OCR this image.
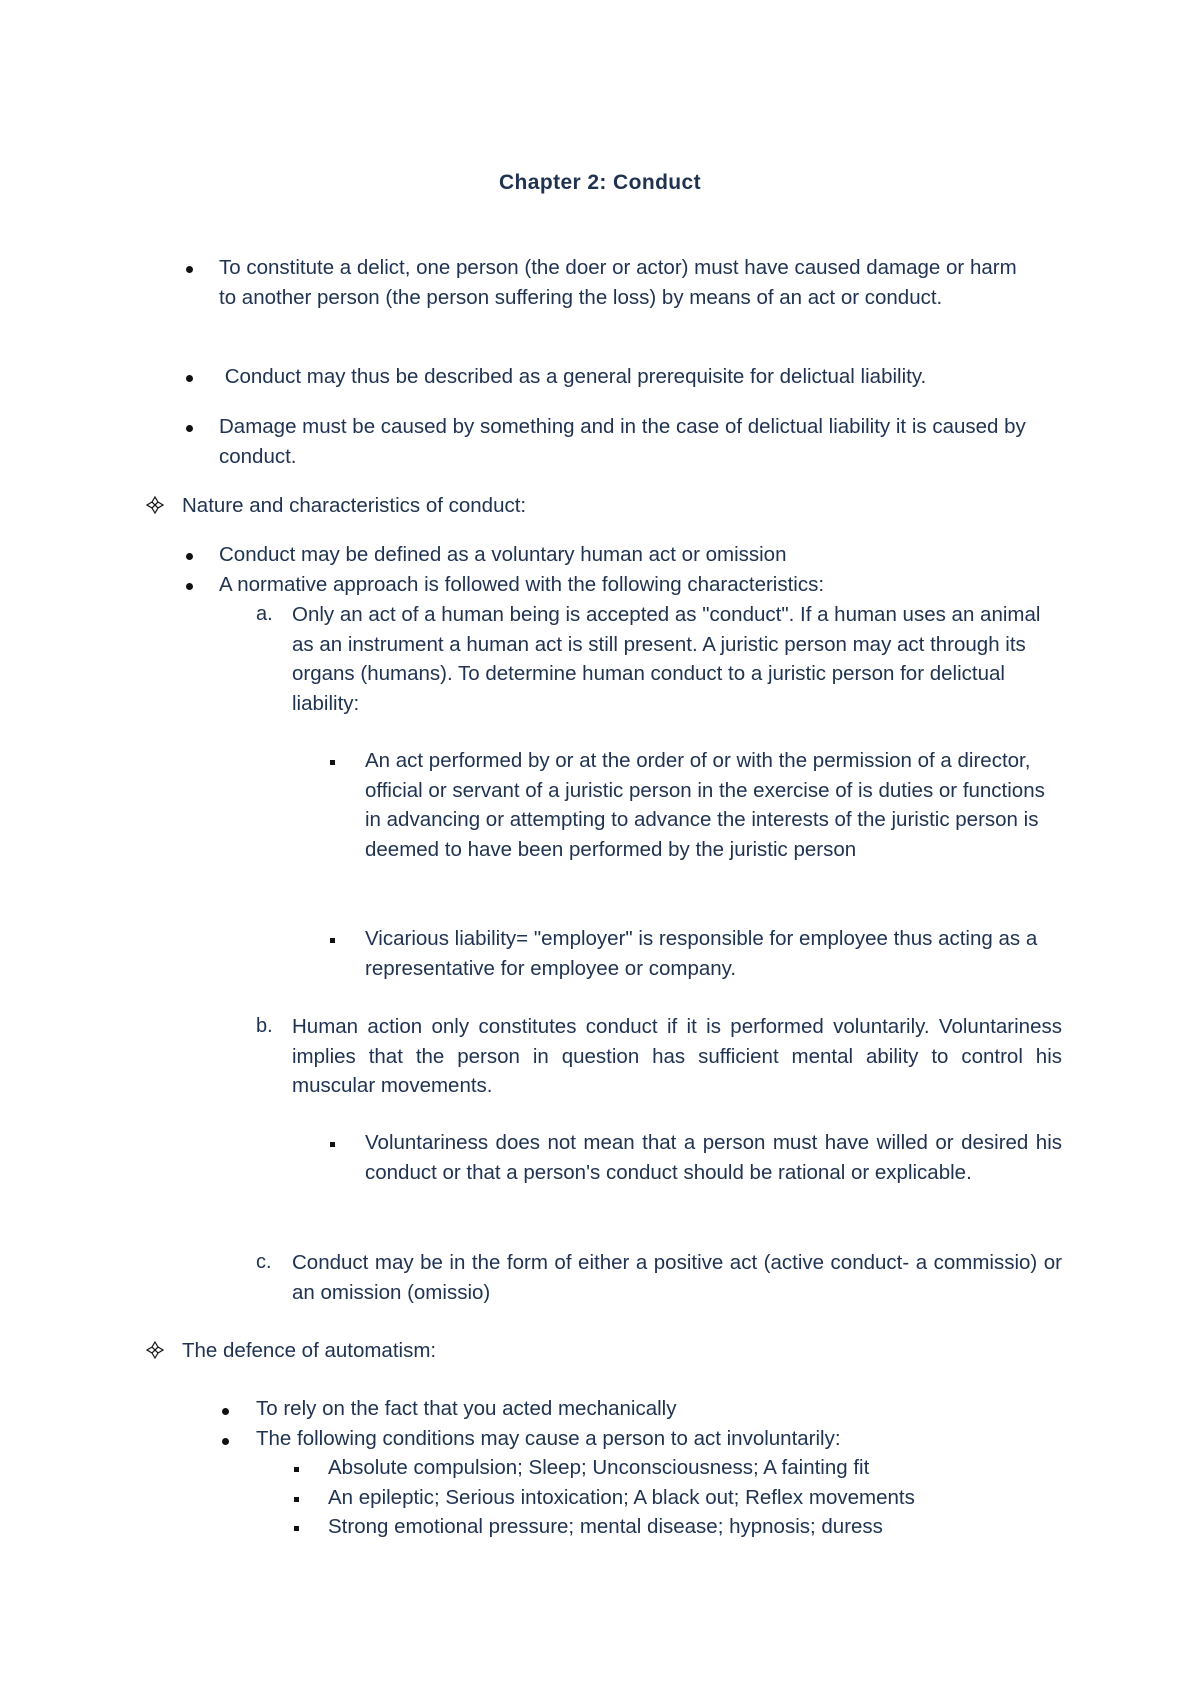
Chapter 2: Conduct

To constitute a delict, one person (the doer or actor) must have caused damage or harm to another person (the person suffering the loss) by means of an act or conduct.

Conduct may thus be described as a general prerequisite for delictual liability.

Damage must be caused by something and in the case of delictual liability it is caused by conduct.

Nature and characteristics of conduct:

Conduct may be defined as a voluntary human act or omission

A normative approach is followed with the following characteristics:

a. Only an act of a human being is accepted as "conduct". If a human uses an animal as an instrument a human act is still present. A juristic person may act through its organs (humans). To determine human conduct to a juristic person for delictual liability:

An act performed by or at the order of or with the permission of a director, official or servant of a juristic person in the exercise of is duties or functions in advancing or attempting to advance the interests of the juristic person is deemed to have been performed by the juristic person

Vicarious liability= "employer" is responsible for employee thus acting as a representative for employee or company.

b. Human action only constitutes conduct if it is performed voluntarily. Voluntariness implies that the person in question has sufficient mental ability to control his muscular movements.

Voluntariness does not mean that a person must have willed or desired his conduct or that a person's conduct should be rational or explicable.

c. Conduct may be in the form of either a positive act (active conduct- a commissio) or an omission (omissio)

The defence of automatism:

To rely on the fact that you acted mechanically

The following conditions may cause a person to act involuntarily:

Absolute compulsion; Sleep; Unconsciousness; A fainting fit

An epileptic; Serious intoxication; A black out; Reflex movements

Strong emotional pressure; mental disease; hypnosis; duress
